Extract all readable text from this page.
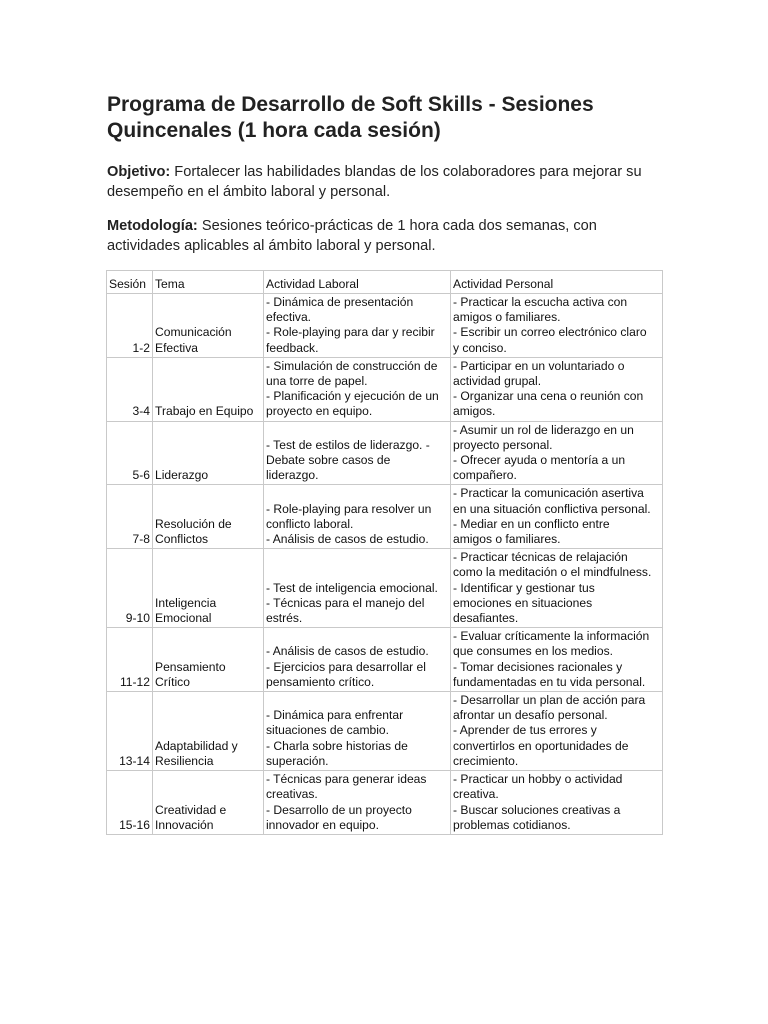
Programa de Desarrollo de Soft Skills - Sesiones Quincenales (1 hora cada sesión)

Objetivo: Fortalecer las habilidades blandas de los colaboradores para mejorar su desempeño en el ámbito laboral y personal.

Metodología: Sesiones teórico-prácticas de 1 hora cada dos semanas, con actividades aplicables al ámbito laboral y personal.

Sesión	Tema	Actividad Laboral	Actividad Personal

1-2	Comunicación
Efectiva	- Dinámica de presentación
efectiva.
- Role-playing para dar y recibir
feedback.	- Practicar la escucha activa con
amigos o familiares.
- Escribir un correo electrónico claro
y conciso.

3-4	Trabajo en Equipo	- Simulación de construcción de
una torre de papel.
- Planificación y ejecución de un
proyecto en equipo.	- Participar en un voluntariado o
actividad grupal.
- Organizar una cena o reunión con
amigos.

5-6	Liderazgo	- Test de estilos de liderazgo. -
Debate sobre casos de
liderazgo.	- Asumir un rol de liderazgo en un
proyecto personal.
- Ofrecer ayuda o mentoría a un
compañero.

7-8	Resolución de
Conflictos	- Role-playing para resolver un
conflicto laboral.
- Análisis de casos de estudio.	- Practicar la comunicación asertiva
en una situación conflictiva personal.
- Mediar en un conflicto entre
amigos o familiares.

9-10	Inteligencia
Emocional	- Test de inteligencia emocional.
- Técnicas para el manejo del
estrés.	- Practicar técnicas de relajación
como la meditación o el mindfulness.
- Identificar y gestionar tus
emociones en situaciones
desafiantes.

11-12	Pensamiento
Crítico	- Análisis de casos de estudio.
- Ejercicios para desarrollar el
pensamiento crítico.	- Evaluar críticamente la información
que consumes en los medios.
- Tomar decisiones racionales y
fundamentadas en tu vida personal.

13-14	Adaptabilidad y
Resiliencia	- Dinámica para enfrentar
situaciones de cambio.
- Charla sobre historias de
superación.	- Desarrollar un plan de acción para
afrontar un desafío personal.
- Aprender de tus errores y
convertirlos en oportunidades de
crecimiento.

15-16	Creatividad e
Innovación	- Técnicas para generar ideas
creativas.
- Desarrollo de un proyecto
innovador en equipo.	- Practicar un hobby o actividad
creativa.
- Buscar soluciones creativas a
problemas cotidianos.
